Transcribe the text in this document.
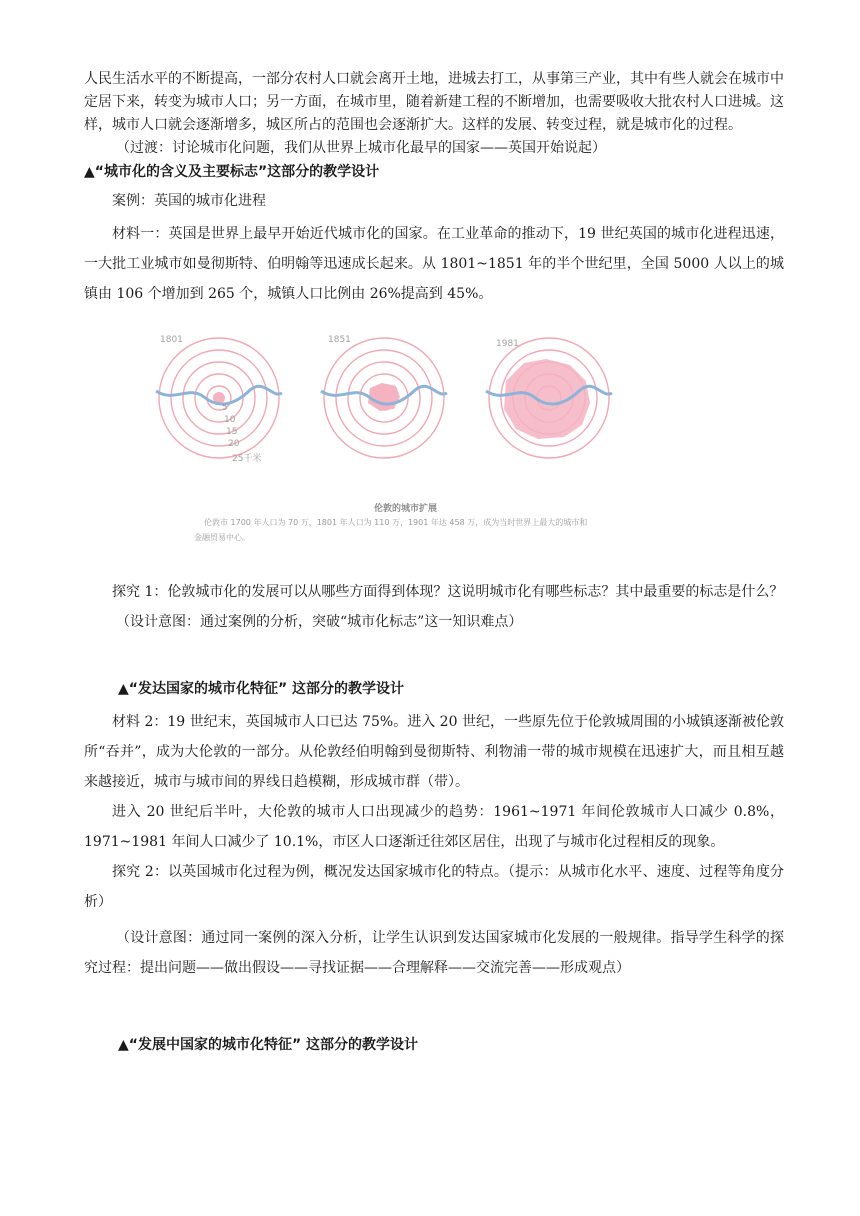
人民生活水平的不断提高，一部分农村人口就会离开土地，进城去打工，从事第三产业，其中有些人就会在城市中定居下来，转变为城市人口；另一方面，在城市里，随着新建工程的不断增加，也需要吸收大批农村人口进城。这样，城市人口就会逐渐增多，城区所占的范围也会逐渐扩大。这样的发展、转变过程，就是城市化的过程。

（过渡：讨论城市化问题，我们从世界上城市化最早的国家——英国开始说起）

▲“城市化的含义及主要标志”这部分的教学设计

案例：英国的城市化进程

材料一：英国是世界上最早开始近代城市化的国家。在工业革命的推动下，19 世纪英国的城市化进程迅速，一大批工业城市如曼彻斯特、伯明翰等迅速成长起来。从 1801~1851 年的半个世纪里，全国 5000 人以上的城镇由 106 个增加到 265 个，城镇人口比例由 26%提高到 45%。

1801	1851	1981
5
10
15
20
25千米
伦敦的城市扩展
伦敦市 1700 年人口为 70 万，1801 年人口为 110 万，1901 年达 458 万，成为当时世界上最大的城市和金融贸易中心。

探究 1：伦敦城市化的发展可以从哪些方面得到体现？这说明城市化有哪些标志？其中最重要的标志是什么？

（设计意图：通过案例的分析，突破“城市化标志”这一知识难点）

▲“发达国家的城市化特征” 这部分的教学设计

材料 2：19 世纪末，英国城市人口已达 75%。进入 20 世纪，一些原先位于伦敦城周围的小城镇逐渐被伦敦所“吞并”，成为大伦敦的一部分。从伦敦经伯明翰到曼彻斯特、利物浦一带的城市规模在迅速扩大，而且相互越来越接近，城市与城市间的界线日趋模糊，形成城市群（带）。

进入 20 世纪后半叶，大伦敦的城市人口出现减少的趋势：1961~1971 年间伦敦城市人口减少 0.8%，1971~1981 年间人口减少了 10.1%，市区人口逐渐迁往郊区居住，出现了与城市化过程相反的现象。

探究 2：以英国城市化过程为例，概况发达国家城市化的特点。（提示：从城市化水平、速度、过程等角度分析）

（设计意图：通过同一案例的深入分析，让学生认识到发达国家城市化发展的一般规律。指导学生科学的探究过程：提出问题——做出假设——寻找证据——合理解释——交流完善——形成观点）

▲“发展中国家的城市化特征” 这部分的教学设计
